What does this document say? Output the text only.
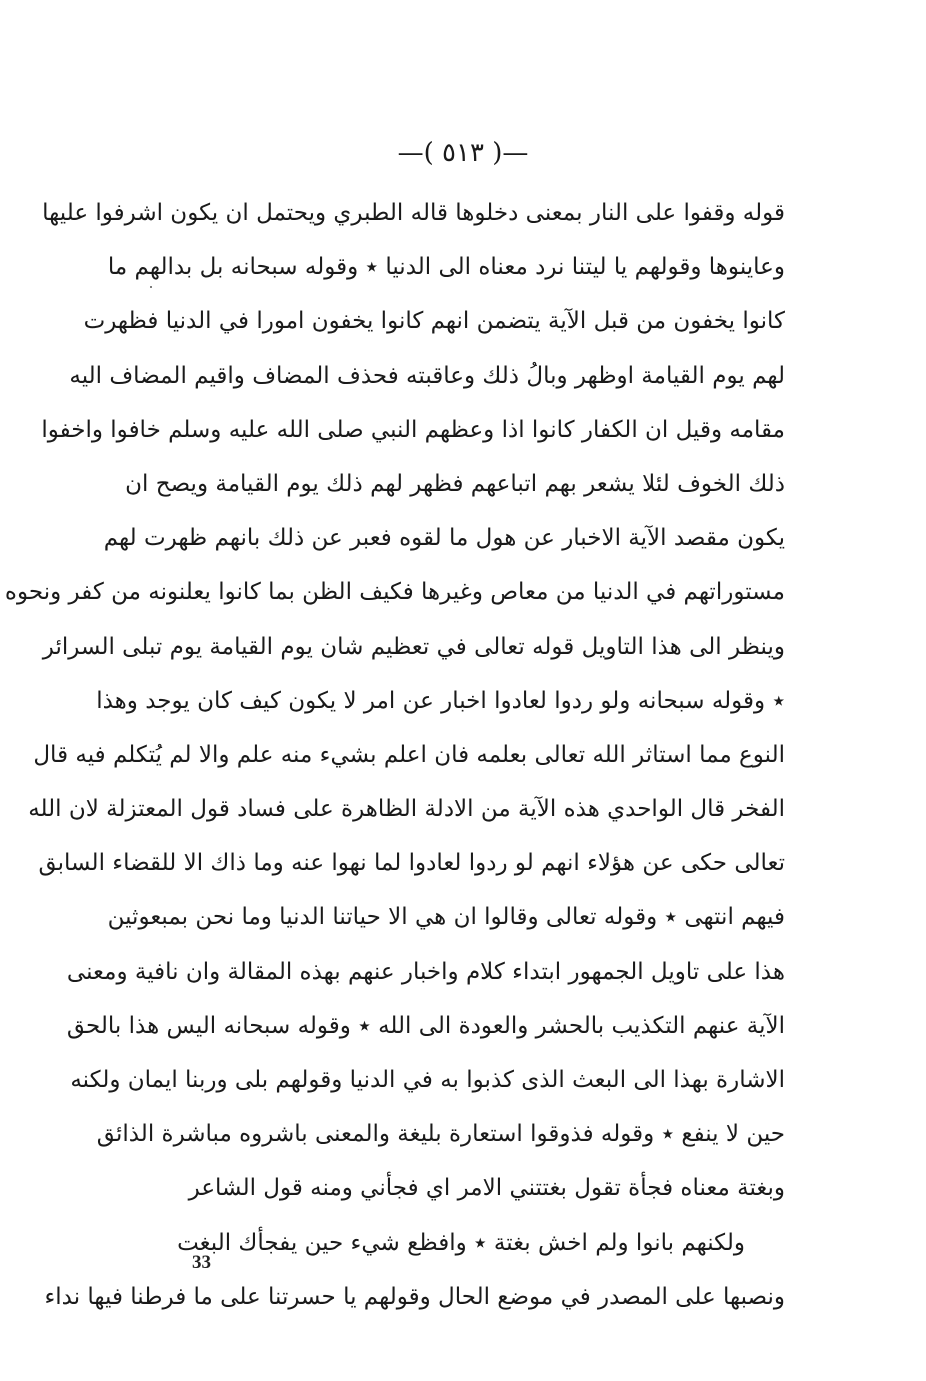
—( ٥١٣ )—
قوله وقفوا على النار بمعنى دخلوها قاله الطبري ويحتمل ان يكون اشرفوا عليها
وعاينوها وقولهم يا ليتنا نرد معناه الى الدنيا ٭ وقوله سبحانه بل بدالهم ما
كانوا يخفون من قبل الآية يتضمن انهم كانوا يخفون امورا في الدنيا فظهرت
لهم يوم القيامة اوظهر وبالُ ذلك وعاقبته فحذف المضاف واقيم المضاف اليه
مقامه وقيل ان الكفار كانوا اذا وعظهم النبي صلى الله عليه وسلم خافوا واخفوا
ذلك الخوف لئلا يشعر بهم اتباعهم فظهر لهم ذلك يوم القيامة ويصح ان
يكون مقصد الآية الاخبار عن هول ما لقوه فعبر عن ذلك بانهم ظهرت لهم
مستوراتهم في الدنيا من معاص وغيرها فكيف الظن بما كانوا يعلنونه من كفر ونحوه
وينظر الى هذا التاويل قوله تعالى في تعظيم شان يوم القيامة يوم تبلى السرائر
٭ وقوله سبحانه ولو ردوا لعادوا اخبار عن امر لا يكون كيف كان يوجد وهذا
النوع مما استاثر الله تعالى بعلمه فان اعلم بشيء منه علم والا لم يُتكلم فيه قال
الفخر قال الواحدي هذه الآية من الادلة الظاهرة على فساد قول المعتزلة لان الله
تعالى حكى عن هؤلاء انهم لو ردوا لعادوا لما نهوا عنه وما ذاك الا للقضاء السابق
فيهم انتهى ٭ وقوله تعالى وقالوا ان هي الا حياتنا الدنيا وما نحن بمبعوثين
هذا على تاويل الجمهور ابتداء كلام واخبار عنهم بهذه المقالة وان نافية ومعنى
الآية عنهم التكذيب بالحشر والعودة الى الله ٭ وقوله سبحانه اليس هذا بالحق
الاشارة بهذا الى البعث الذى كذبوا به في الدنيا وقولهم بلى وربنا ايمان ولكنه
حين لا ينفع ٭ وقوله فذوقوا استعارة بليغة والمعنى باشروه مباشرة الذائق
وبغتة معناه فجأة تقول بغتتني الامر اي فجأني ومنه قول الشاعر
ولكنهم بانوا ولم اخش بغتة ٭ وافظع شيء حين يفجأك البغت
ونصبها على المصدر في موضع الحال وقولهم يا حسرتنا على ما فرطنا فيها نداء
33
